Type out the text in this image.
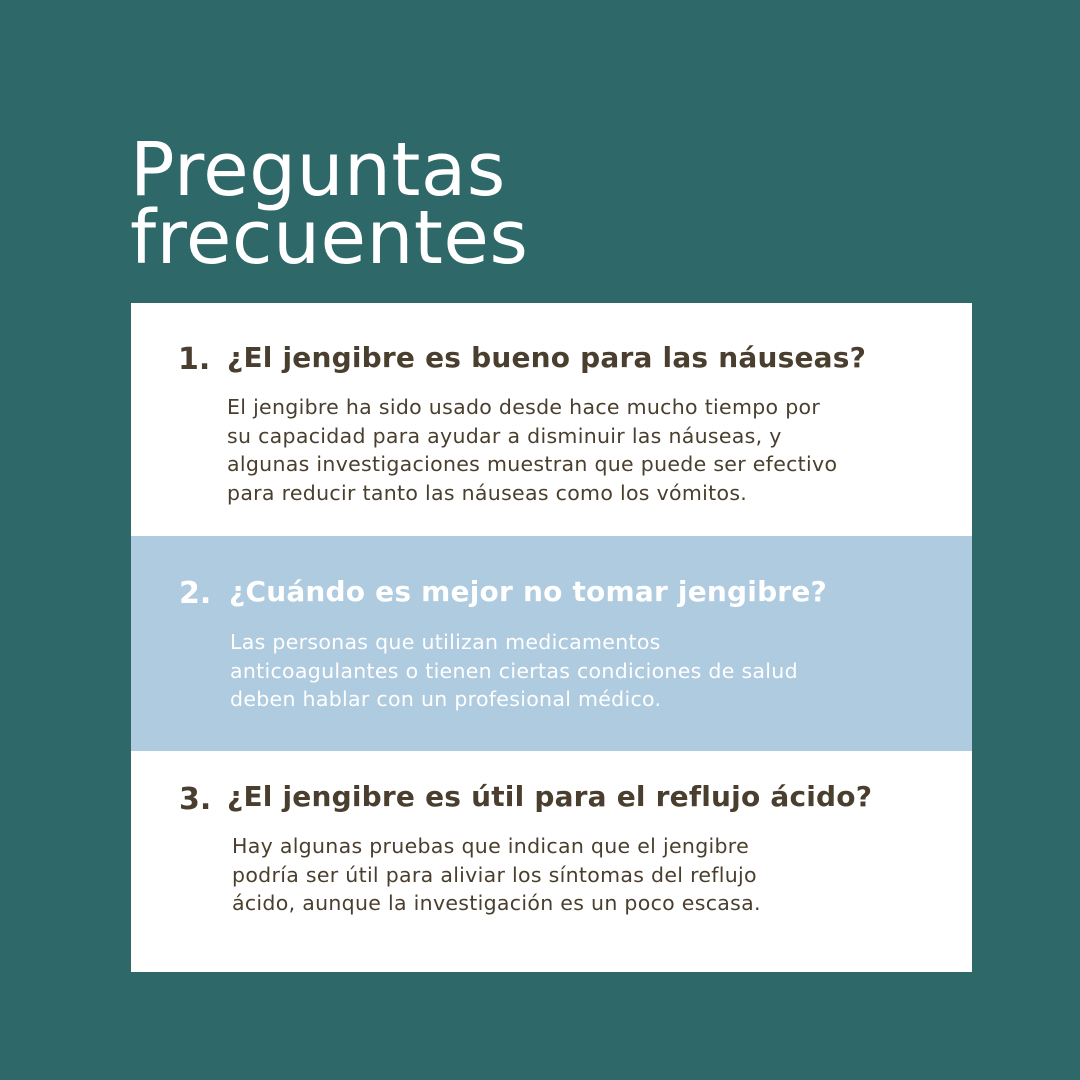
Preguntas
frecuentes

1. ¿El jengibre es bueno para las náuseas?

El jengibre ha sido usado desde hace mucho tiempo por
su capacidad para ayudar a disminuir las náuseas, y
algunas investigaciones muestran que puede ser efectivo
para reducir tanto las náuseas como los vómitos.

2. ¿Cuándo es mejor no tomar jengibre?

Las personas que utilizan medicamentos
anticoagulantes o tienen ciertas condiciones de salud
deben hablar con un profesional médico.

3. ¿El jengibre es útil para el reflujo ácido?

Hay algunas pruebas que indican que el jengibre
podría ser útil para aliviar los síntomas del reflujo
ácido, aunque la investigación es un poco escasa.
